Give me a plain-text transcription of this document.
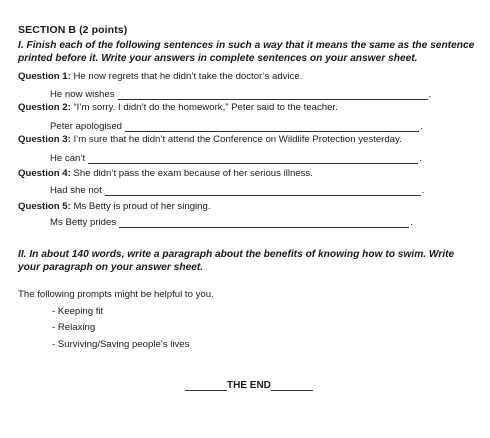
SECTION B (2 points)
I. Finish each of the following sentences in such a way that it means the same as the sentence printed before it. Write your answers in complete sentences on your answer sheet.
Question 1: He now regrets that he didn’t take the doctor’s advice.
He now wishes	.
Question 2: “I’m sorry. I didn’t do the homework,” Peter said to the teacher.
Peter apologised	.
Question 3: I’m sure that he didn’t attend the Conference on Wildlife Protection yesterday.
He can’t	.
Question 4: She didn’t pass the exam because of her serious illness.
Had she not	.
Question 5: Ms Betty is proud of her singing.
Ms Betty prides	.
II. In about 140 words, write a paragraph about the benefits of knowing how to swim. Write your paragraph on your answer sheet.
The following prompts might be helpful to you.
- Keeping fit
- Relaxing
- Surviving/Saving people’s lives
THE END
